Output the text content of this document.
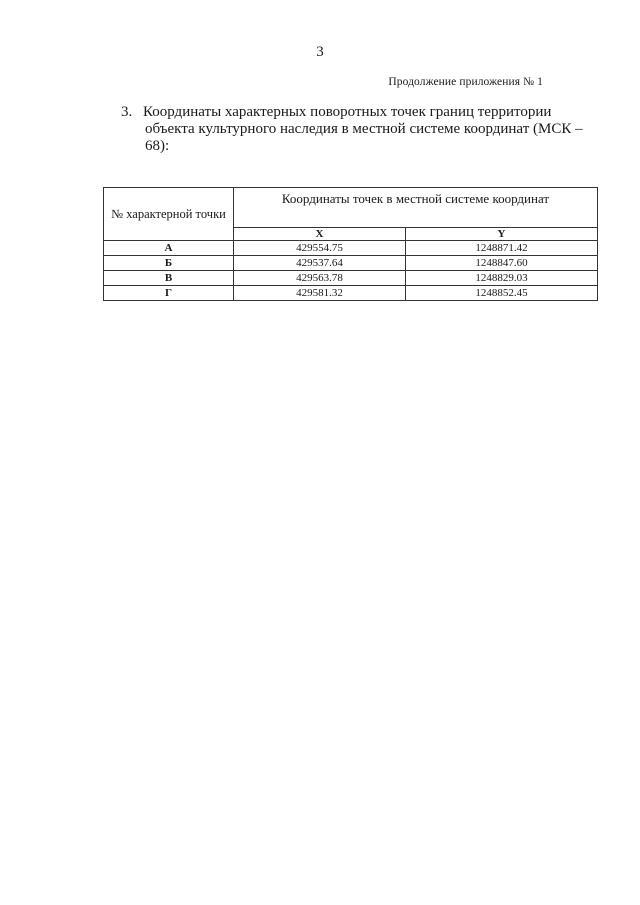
3
Продолжение приложения № 1
3. Координаты характерных поворотных точек границ территории
объекта культурного наследия в местной системе координат (МСК –
68):
№ характерной точки	Координаты точек в местной системе координат	
	X	Y
А	429554.75	1248871.42
Б	429537.64	1248847.60
В	429563.78	1248829.03
Г	429581.32	1248852.45
